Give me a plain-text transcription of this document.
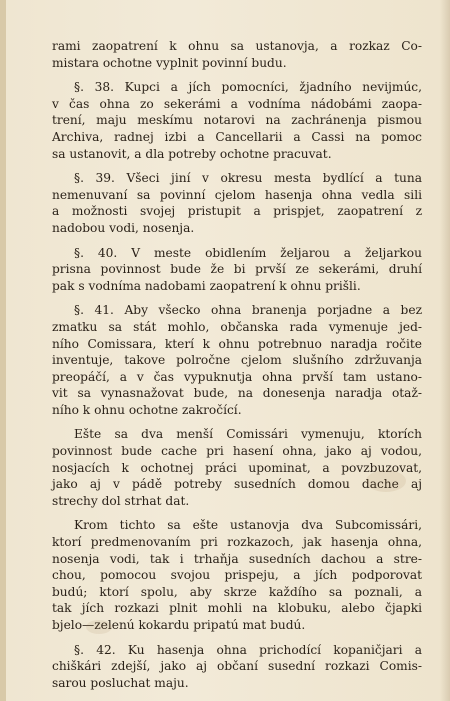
rami zaopatrení k ohnu sa ustanovja, a rozkaz Co-
mistara ochotne vyplnit povinní budu.
§. 38. Kupci a jích pomocníci, žjadního nevijmúc,
v čas ohna zo sekerámi a vodníma nádobámi zaopa-
trení, maju meskímu notarovi na zachránenja pismou
Archiva, radnej izbi a Cancellarii a Cassi na pomoc
sa ustanovit, a dla potreby ochotne pracuvat.
§. 39. Všeci jiní v okresu mesta bydlící a tuna
nemenuvaní sa povinní cjelom hasenja ohna vedla sili
a možnosti svojej pristupit a prispjet, zaopatrení z
nadobou vodi, nosenja.
§. 40. V meste obidlením željarou a željarkou
prisna povinnost bude že bi prvší ze sekerámi, druhí
pak s vodníma nadobami zaopatrení k ohnu prišli.
§. 41. Aby všecko ohna branenja porjadne a bez
zmatku sa stát mohlo, občanska rada vymenuje jed-
ního Comissara, kterí k ohnu potrebnuo naradja ročite
inventuje, takove polročne cjelom slušního zdržuvanja
preopáčí, a v čas vypuknutja ohna prvší tam ustano-
vit sa vynasnažovat bude, na donesenja naradja otaž-
ního k ohnu ochotne zakročící.
Ešte sa dva menší Comissári vymenuju, ktorích
povinnost bude cache pri hasení ohna, jako aj vodou,
nosjacích k ochotnej práci upominat, a povzbuzovat,
jako aj v pádě potreby susedních domou dache aj
strechy dol strhat dat.
Krom tichto sa ešte ustanovja dva Subcomissári,
ktorí predmenovaním pri rozkazoch, jak hasenja ohna,
nosenja vodi, tak i trhaňja susedních dachou a stre-
chou, pomocou svojou prispeju, a jích podporovat
budú; ktorí spolu, aby skrze každího sa poznali, a
tak jích rozkazi plnit mohli na klobuku, alebo čjapki
bjelo—zelenú kokardu pripatú mat budú.
§. 42. Ku hasenja ohna prichodící kopaničjari a
chiškári zdejší, jako aj občaní susední rozkazi Comis-
sarou posluchat maju.
